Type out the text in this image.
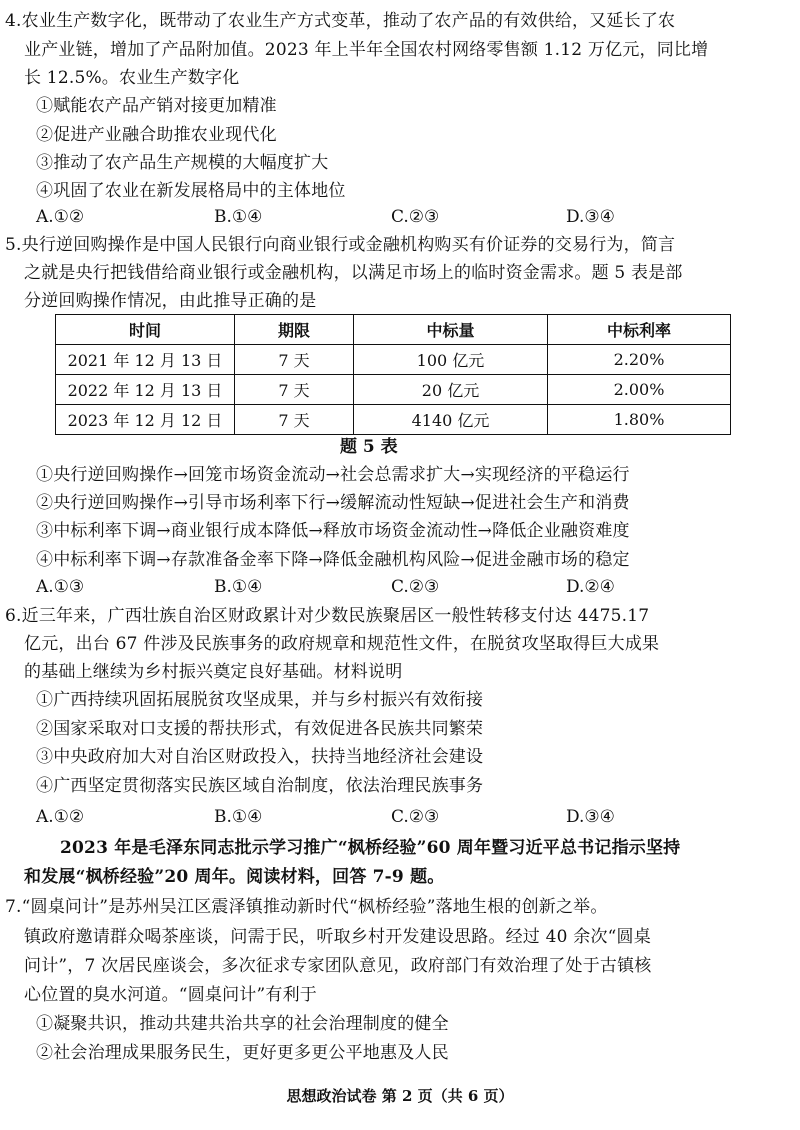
4.农业生产数字化，既带动了农业生产方式变革，推动了农产品的有效供给，又延长了农
业产业链，增加了产品附加值。2023 年上半年全国农村网络零售额 1.12 万亿元，同比增
长 12.5%。农业生产数字化
①赋能农产品产销对接更加精准
②促进产业融合助推农业现代化
③推动了农产品生产规模的大幅度扩大
④巩固了农业在新发展格局中的主体地位
A.①②	B.①④	C.②③	D.③④
5.央行逆回购操作是中国人民银行向商业银行或金融机构购买有价证券的交易行为，简言
之就是央行把钱借给商业银行或金融机构，以满足市场上的临时资金需求。题 5 表是部
分逆回购操作情况，由此推导正确的是
时间	期限	中标量	中标利率
2021 年 12 月 13 日	7 天	100 亿元	2.20%
2022 年 12 月 13 日	7 天	20 亿元	2.00%
2023 年 12 月 12 日	7 天	4140 亿元	1.80%
题 5 表
①央行逆回购操作→回笼市场资金流动→社会总需求扩大→实现经济的平稳运行
②央行逆回购操作→引导市场利率下行→缓解流动性短缺→促进社会生产和消费
③中标利率下调→商业银行成本降低→释放市场资金流动性→降低企业融资难度
④中标利率下调→存款准备金率下降→降低金融机构风险→促进金融市场的稳定
A.①③	B.①④	C.②③	D.②④
6.近三年来，广西壮族自治区财政累计对少数民族聚居区一般性转移支付达 4475.17
亿元，出台 67 件涉及民族事务的政府规章和规范性文件，在脱贫攻坚取得巨大成果
的基础上继续为乡村振兴奠定良好基础。材料说明
①广西持续巩固拓展脱贫攻坚成果，并与乡村振兴有效衔接
②国家采取对口支援的帮扶形式，有效促进各民族共同繁荣
③中央政府加大对自治区财政投入，扶持当地经济社会建设
④广西坚定贯彻落实民族区域自治制度，依法治理民族事务
A.①②	B.①④	C.②③	D.③④
2023 年是毛泽东同志批示学习推广“枫桥经验”60 周年暨习近平总书记指示坚持
和发展“枫桥经验”20 周年。阅读材料，回答 7-9 题。
7.“圆桌问计”是苏州吴江区震泽镇推动新时代“枫桥经验”落地生根的创新之举。
镇政府邀请群众喝茶座谈，问需于民，听取乡村开发建设思路。经过 40 余次“圆桌
问计”，7 次居民座谈会，多次征求专家团队意见，政府部门有效治理了处于古镇核
心位置的臭水河道。“圆桌问计”有利于
①凝聚共识，推动共建共治共享的社会治理制度的健全
②社会治理成果服务民生，更好更多更公平地惠及人民
思想政治试卷 第 2 页（共 6 页）
